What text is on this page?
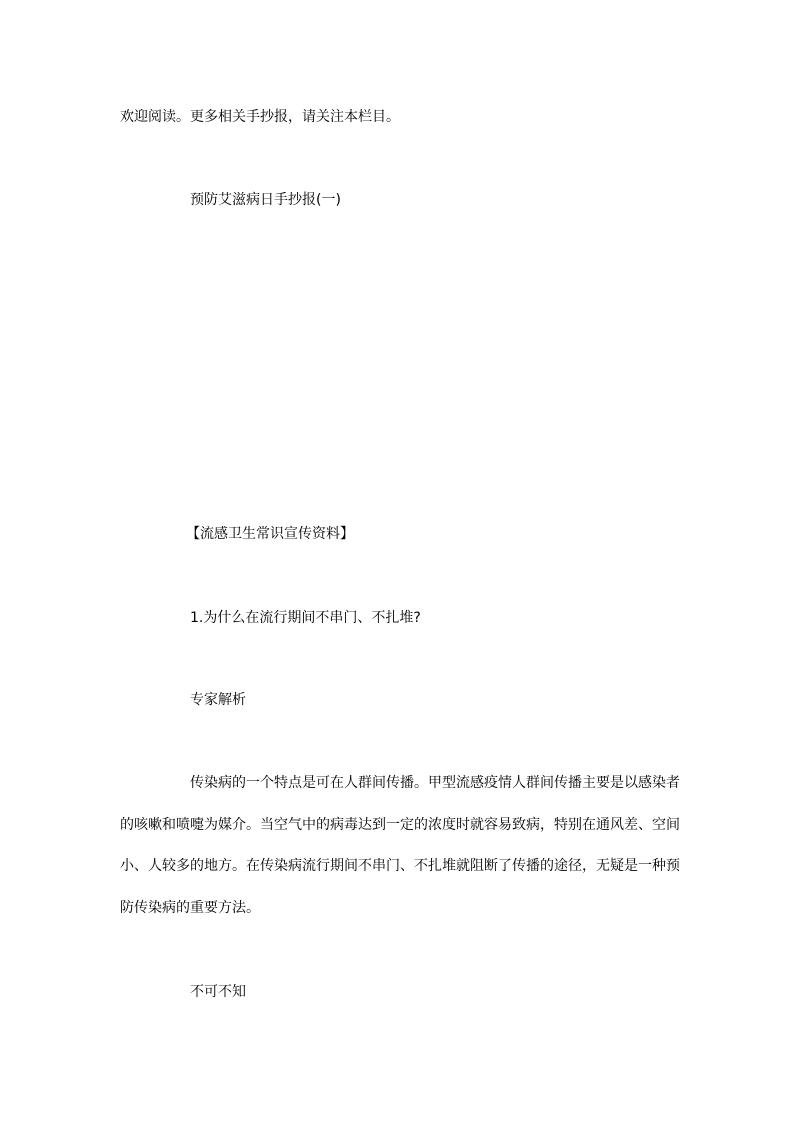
欢迎阅读。更多相关手抄报，请关注本栏目。
预防艾滋病日手抄报(一)
【流感卫生常识宣传资料】
1.为什么在流行期间不串门、不扎堆?
专家解析
传染病的一个特点是可在人群间传播。甲型流感疫情人群间传播主要是以感染者
的咳嗽和喷嚏为媒介。当空气中的病毒达到一定的浓度时就容易致病，特别在通风差、空间
小、人较多的地方。在传染病流行期间不串门、不扎堆就阻断了传播的途径，无疑是一种预
防传染病的重要方法。
不可不知
